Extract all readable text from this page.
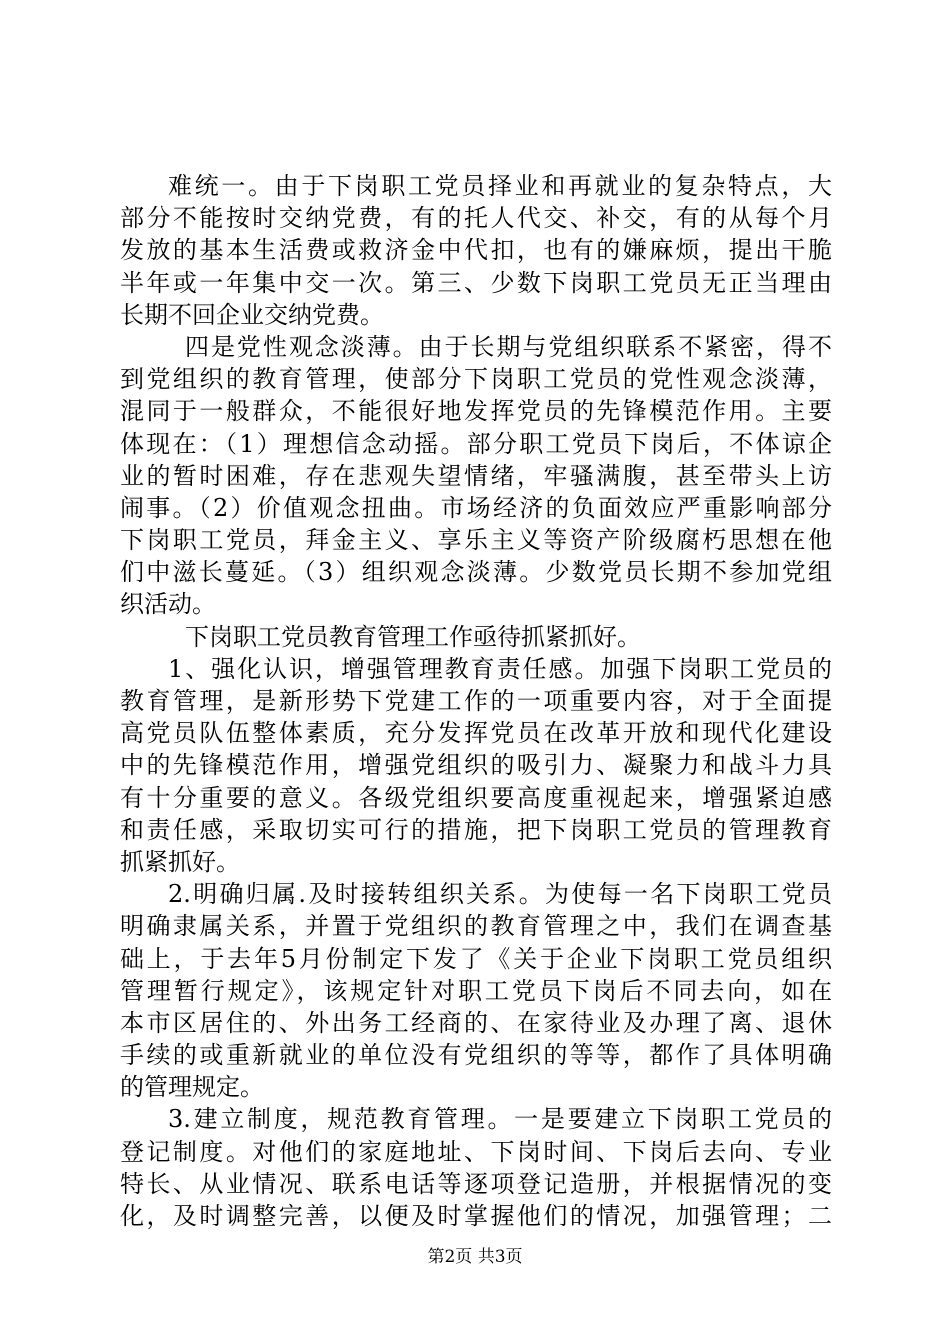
难统一。由于下岗职工党员择业和再就业的复杂特点，大
部分不能按时交纳党费，有的托人代交、补交，有的从每个月
发放的基本生活费或救济金中代扣，也有的嫌麻烦，提出干脆
半年或一年集中交一次。第三、少数下岗职工党员无正当理由
长期不回企业交纳党费。
四是党性观念淡薄。由于长期与党组织联系不紧密，得不
到党组织的教育管理，使部分下岗职工党员的党性观念淡薄，
混同于一般群众，不能很好地发挥党员的先锋模范作用。主要
体现在：（1）理想信念动摇。部分职工党员下岗后，不体谅企
业的暂时困难，存在悲观失望情绪，牢骚满腹，甚至带头上访
闹事。（2）价值观念扭曲。市场经济的负面效应严重影响部分
下岗职工党员，拜金主义、享乐主义等资产阶级腐朽思想在他
们中滋长蔓延。（3）组织观念淡薄。少数党员长期不参加党组
织活动。
下岗职工党员教育管理工作亟待抓紧抓好。
1、强化认识，增强管理教育责任感。加强下岗职工党员的
教育管理，是新形势下党建工作的一项重要内容，对于全面提
高党员队伍整体素质，充分发挥党员在改革开放和现代化建设
中的先锋模范作用，增强党组织的吸引力、凝聚力和战斗力具
有十分重要的意义。各级党组织要高度重视起来，增强紧迫感
和责任感，采取切实可行的措施，把下岗职工党员的管理教育
抓紧抓好。
2.明确归属.及时接转组织关系。为使每一名下岗职工党员
明确隶属关系，并置于党组织的教育管理之中，我们在调查基
础上，于去年5月份制定下发了《关于企业下岗职工党员组织
管理暂行规定》，该规定针对职工党员下岗后不同去向，如在
本市区居住的、外出务工经商的、在家待业及办理了离、退休
手续的或重新就业的单位没有党组织的等等，都作了具体明确
的管理规定。
3.建立制度，规范教育管理。一是要建立下岗职工党员的
登记制度。对他们的家庭地址、下岗时间、下岗后去向、专业
特长、从业情况、联系电话等逐项登记造册，并根据情况的变
化，及时调整完善，以便及时掌握他们的情况，加强管理；二
第2页 共3页
